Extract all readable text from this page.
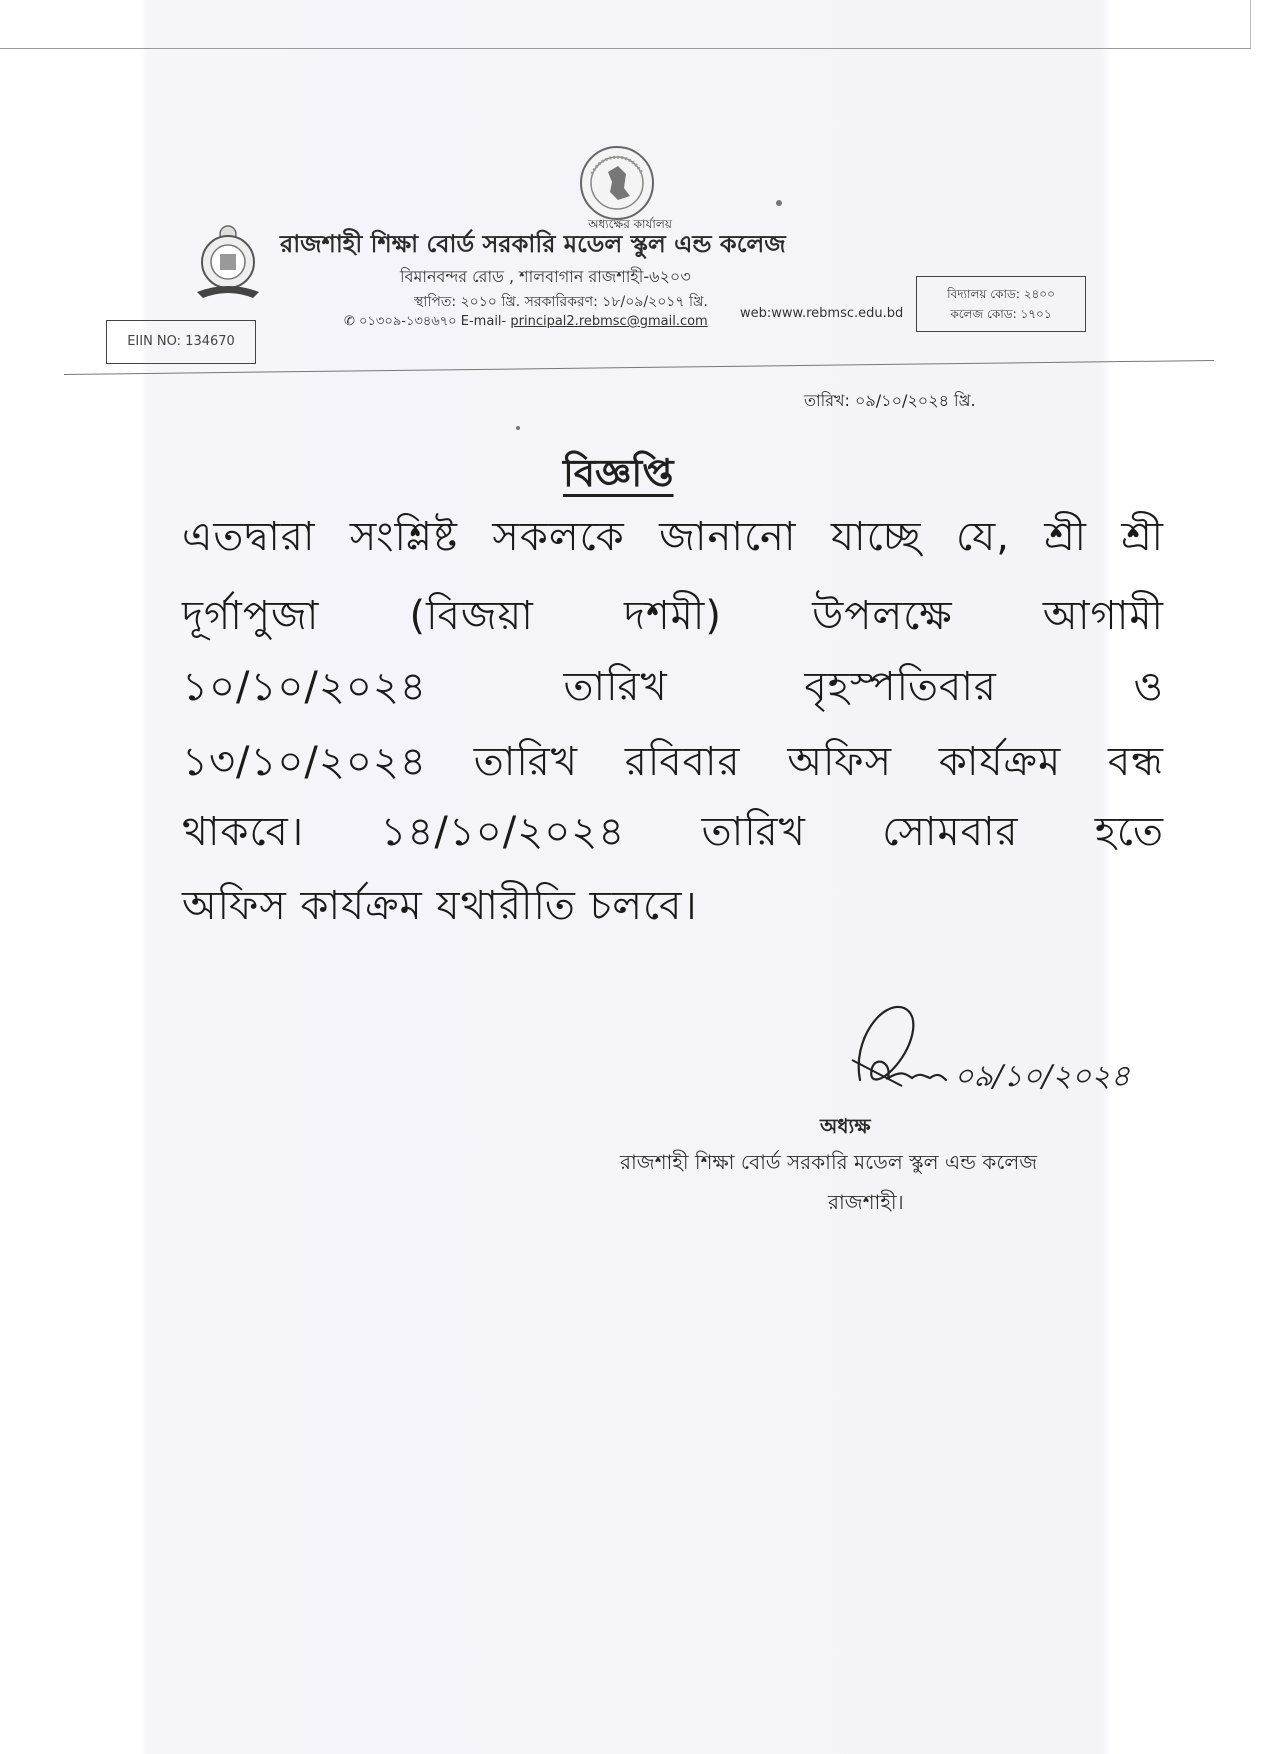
অধ্যক্ষের কার্যালয়
রাজশাহী শিক্ষা বোর্ড সরকারি মডেল স্কুল এন্ড কলেজ
বিমানবন্দর রোড , শালবাগান রাজশাহী-৬২০৩
স্থাপিত: ২০১০ খ্রি. সরকারিকরণ: ১৮/০৯/২০১৭ খ্রি.
✆ ০১৩০৯-১৩৪৬৭০ E-mail- principal2.rebmsc@gmail.com
web:www.rebmsc.edu.bd
বিদ্যালয় কোড: ২৪০০
কলেজ কোড: ১৭০১
EIIN NO: 134670
তারিখ: ০৯/১০/২০২৪ খ্রি.
বিজ্ঞপ্তি
এতদ্বারা সংশ্লিষ্ট সকলকে জানানো যাচ্ছে যে, শ্রী শ্রী
দূর্গাপুজা (বিজয়া দশমী) উপলক্ষে আগামী
১০/১০/২০২৪ তারিখ বৃহস্পতিবার ও
১৩/১০/২০২৪ তারিখ রবিবার অফিস কার্যক্রম বন্ধ
থাকবে। ১৪/১০/২০২৪ তারিখ সোমবার হতে
অফিস কার্যক্রম যথারীতি চলবে।
০৯/১০/২০২৪
অধ্যক্ষ
রাজশাহী শিক্ষা বোর্ড সরকারি মডেল স্কুল এন্ড কলেজ
রাজশাহী।
